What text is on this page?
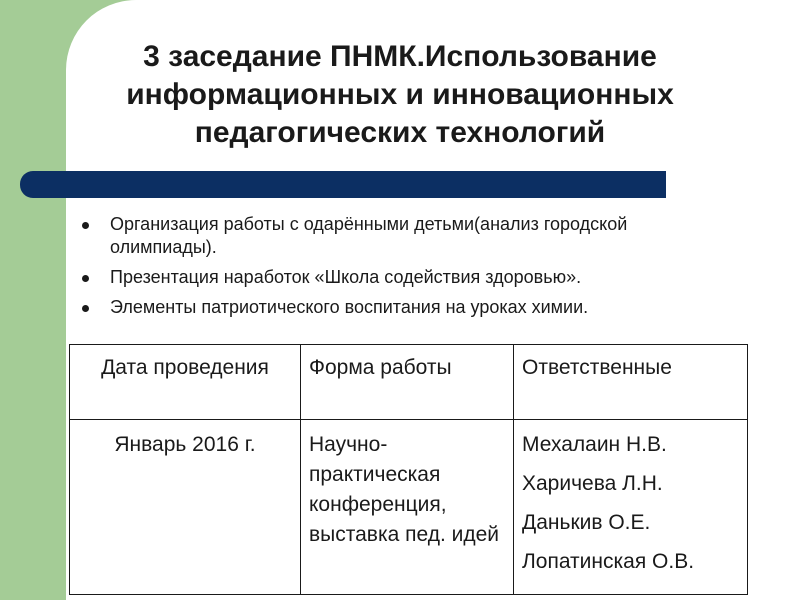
3 заседание ПНМК.Использование информационных и инновационных педагогических технологий
Организация работы с одарёнными детьми(анализ городской олимпиады).
Презентация наработок «Школа содействия здоровью».
Элементы патриотического воспитания на уроках химии.
Дата проведения	Форма работы	Ответственные
Январь 2016 г.	Научно-практическая конференция, выставка пед. идей	Мехалаин Н.В.
Харичева Л.Н.
Данькив О.Е.
Лопатинская О.В.
